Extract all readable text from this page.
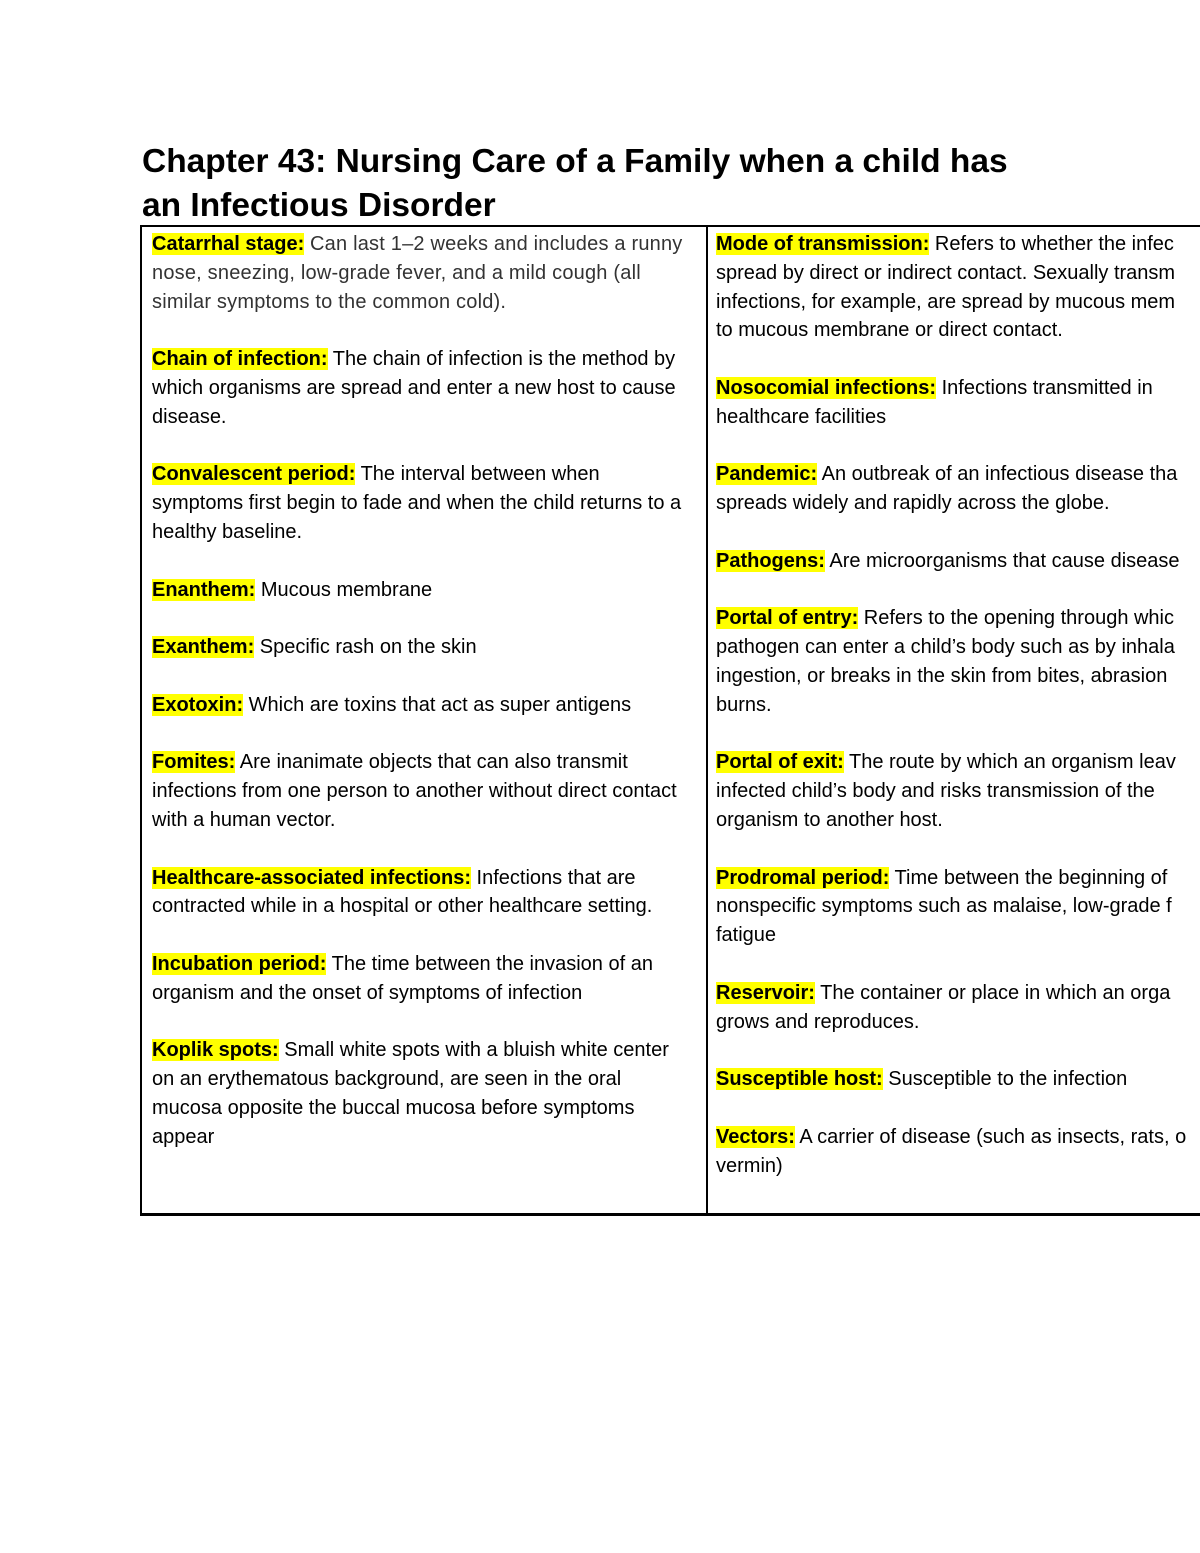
Chapter 43: Nursing Care of a Family when a child has an Infectious Disorder

Catarrhal stage: Can last 1–2 weeks and includes a runny nose, sneezing, low-grade fever, and a mild cough (all similar symptoms to the common cold).

Chain of infection: The chain of infection is the method by which organisms are spread and enter a new host to cause disease.

Convalescent period: The interval between when symptoms first begin to fade and when the child returns to a healthy baseline.

Enanthem: Mucous membrane

Exanthem: Specific rash on the skin

Exotoxin: Which are toxins that act as super antigens

Fomites: Are inanimate objects that can also transmit infections from one person to another without direct contact with a human vector.

Healthcare-associated infections: Infections that are contracted while in a hospital or other healthcare setting.

Incubation period: The time between the invasion of an organism and the onset of symptoms of infection

Koplik spots: Small white spots with a bluish white center on an erythematous background, are seen in the oral mucosa opposite the buccal mucosa before symptoms appear

Mode of transmission: Refers to whether the infec
spread by direct or indirect contact. Sexually transm
infections, for example, are spread by mucous mem
to mucous membrane or direct contact.

Nosocomial infections: Infections transmitted in
healthcare facilities

Pandemic: An outbreak of an infectious disease tha
spreads widely and rapidly across the globe.

Pathogens: Are microorganisms that cause disease

Portal of entry: Refers to the opening through whic
pathogen can enter a child’s body such as by inhala
ingestion, or breaks in the skin from bites, abrasion
burns.

Portal of exit: The route by which an organism leav
infected child’s body and risks transmission of the
organism to another host.

Prodromal period: Time between the beginning of
nonspecific symptoms such as malaise, low-grade f
fatigue

Reservoir: The container or place in which an orga
grows and reproduces.

Susceptible host: Susceptible to the infection

Vectors: A carrier of disease (such as insects, rats, o
vermin)
